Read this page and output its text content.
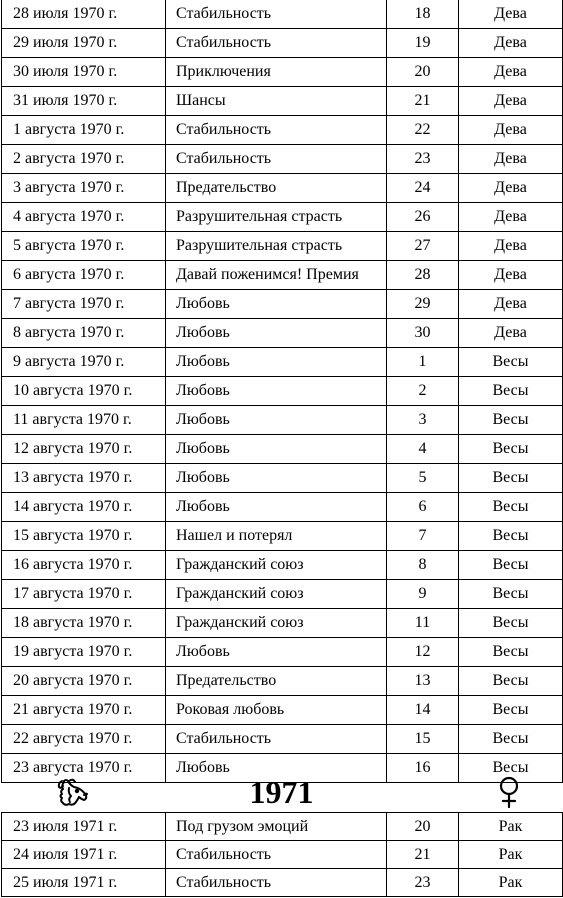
28 июля 1970 г.	Стабильность	18	Дева
29 июля 1970 г.	Стабильность	19	Дева
30 июля 1970 г.	Приключения	20	Дева
31 июля 1970 г.	Шансы	21	Дева
1 августа 1970 г.	Стабильность	22	Дева
2 августа 1970 г.	Стабильность	23	Дева
3 августа 1970 г.	Предательство	24	Дева
4 августа 1970 г.	Разрушительная страсть	26	Дева
5 августа 1970 г.	Разрушительная страсть	27	Дева
6 августа 1970 г.	Давай поженимся! Премия	28	Дева
7 августа 1970 г.	Любовь	29	Дева
8 августа 1970 г.	Любовь	30	Дева
9 августа 1970 г.	Любовь	1	Весы
10 августа 1970 г.	Любовь	2	Весы
11 августа 1970 г.	Любовь	3	Весы
12 августа 1970 г.	Любовь	4	Весы
13 августа 1970 г.	Любовь	5	Весы
14 августа 1970 г.	Любовь	6	Весы
15 августа 1970 г.	Нашел и потерял	7	Весы
16 августа 1970 г.	Гражданский союз	8	Весы
17 августа 1970 г.	Гражданский союз	9	Весы
18 августа 1970 г.	Гражданский союз	11	Весы
19 августа 1970 г.	Любовь	12	Весы
20 августа 1970 г.	Предательство	13	Весы
21 августа 1970 г.	Роковая любовь	14	Весы
22 августа 1970 г.	Стабильность	15	Весы
23 августа 1970 г.	Любовь	16	Весы
1971
23 июля 1971 г.	Под грузом эмоций	20	Рак
24 июля 1971 г.	Стабильность	21	Рак
25 июля 1971 г.	Стабильность	23	Рак
